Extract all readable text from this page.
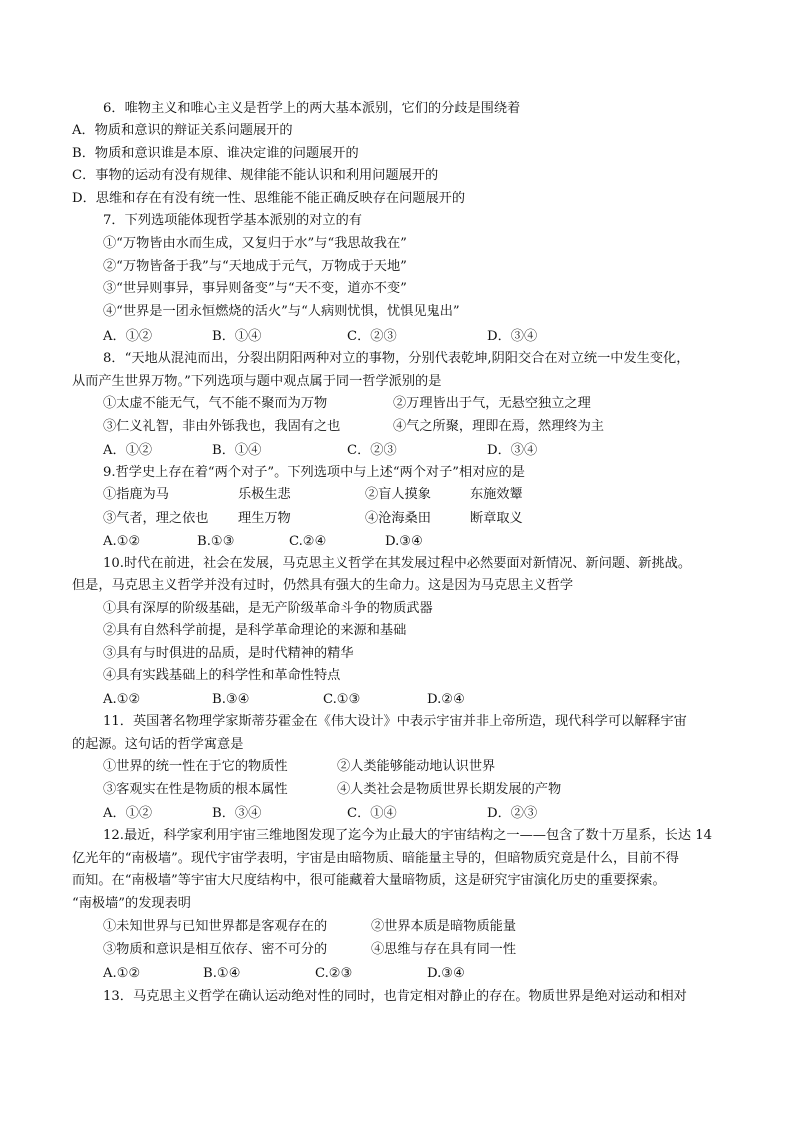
6．唯物主义和唯心主义是哲学上的两大基本派别，它们的分歧是围绕着
A．物质和意识的辩证关系问题展开的
B．物质和意识谁是本原、谁决定谁的问题展开的
C．事物的运动有没有规律、规律能不能认识和利用问题展开的
D．思维和存在有没有统一性、思维能不能正确反映存在问题展开的
7．下列选项能体现哲学基本派别的对立的有
①“万物皆由水而生成，又复归于水”与“我思故我在”
②“万物皆备于我”与“天地成于元气，万物成于天地”
③“世异则事异，事异则备变”与“天不变，道亦不变”
④“世界是一团永恒燃烧的活火”与“人病则忧惧，忧惧见鬼出”
A．①②	B．①④	C．②③	D．③④
8．“天地从混沌而出，分裂出阴阳两种对立的事物，分别代表乾坤,阴阳交合在对立统一中发生变化，
从而产生世界万物。”下列选项与题中观点属于同一哲学派别的是
①太虚不能无气，气不能不聚而为万物	②万理皆出于气，无悬空独立之理
③仁义礼智，非由外铄我也，我固有之也	④气之所聚，理即在焉，然理终为主
A．①②	B．①④	C．②③	D．③④
9.哲学史上存在着“两个对子”。下列选项中与上述“两个对子”相对应的是
①指鹿为马	乐极生悲	②盲人摸象	东施效颦
③气者，理之依也 理生万物	④沧海桑田	断章取义
A.①②	B.①③	C.②④	D.③④
10.时代在前进，社会在发展，马克思主义哲学在其发展过程中必然要面对新情况、新问题、新挑战。
但是，马克思主义哲学并没有过时，仍然具有强大的生命力。这是因为马克思主义哲学
①具有深厚的阶级基础，是无产阶级革命斗争的物质武器
②具有自然科学前提，是科学革命理论的来源和基础
③具有与时俱进的品质，是时代精神的精华
④具有实践基础上的科学性和革命性特点
A.①②	B.③④	C.①③	D.②④
11．英国著名物理学家斯蒂芬霍金在《伟大设计》中表示宇宙并非上帝所造，现代科学可以解释宇宙
的起源。这句话的哲学寓意是
①世界的统一性在于它的物质性	②人类能够能动地认识世界
③客观实在性是物质的根本属性	④人类社会是物质世界长期发展的产物
A．①②	B．③④	C．①④	D．②③
12.最近，科学家利用宇宙三维地图发现了迄今为止最大的宇宙结构之一——包含了数十万星系，长达 14
亿光年的“南极墙”。现代宇宙学表明，宇宙是由暗物质、暗能量主导的，但暗物质究竟是什么，目前不得
而知。在“南极墙”等宇宙大尺度结构中，很可能藏着大量暗物质，这是研究宇宙演化历史的重要探索。
“南极墙”的发现表明
①未知世界与已知世界都是客观存在的	②世界本质是暗物质能量
③物质和意识是相互依存、密不可分的	④思维与存在具有同一性
A.①②	B.①④	C.②③	D.③④
13．马克思主义哲学在确认运动绝对性的同时，也肯定相对静止的存在。物质世界是绝对运动和相对
